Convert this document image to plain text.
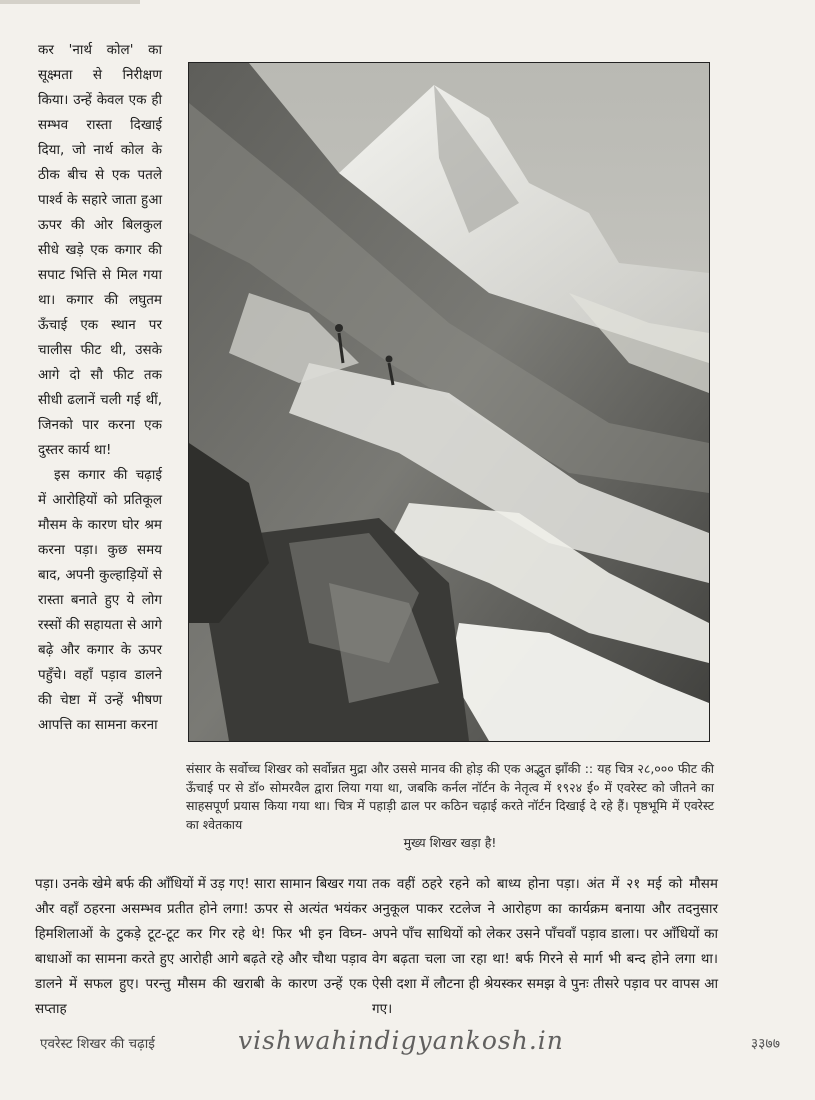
कर 'नार्थ कोल' का सूक्ष्मता से निरीक्षण किया। उन्हें केवल एक ही सम्भव रास्ता दिखाई दिया, जो नार्थ कोल के ठीक बीच से एक पतले पार्श्व के सहारे जाता हुआ ऊपर की ओर बिलकुल सीधे खड़े एक कगार की सपाट भित्ति से मिल गया था। कगार की लघुतम ऊँचाई एक स्थान पर चालीस फीट थी, उसके आगे दो सौ फीट तक सीधी ढलानें चली गई थीं, जिनको पार करना एक दुस्तर कार्य था!

इस कगार की चढ़ाई में आरोहियों को प्रतिकूल मौसम के कारण घोर श्रम करना पड़ा। कुछ समय बाद, अपनी कुल्हाड़ियों से रास्ता बनाते हुए ये लोग रस्सों की सहायता से आगे बढ़े और कगार के ऊपर पहुँचे। वहाँ पड़ाव डालने की चेष्टा में उन्हें भीषण आपत्ति का सामना करना

संसार के सर्वोच्च शिखर को सर्वोन्नत मुद्रा और उससे मानव की होड़ की एक अद्भुत झाँकी :: यह चित्र २८,००० फीट की ऊँचाई पर से डॉ० सोमरवैल द्वारा लिया गया था, जबकि कर्नल नॉर्टन के नेतृत्व में १९२४ ई० में एवरेस्ट को जीतने का साहसपूर्ण प्रयास किया गया था। चित्र में पहाड़ी ढाल पर कठिन चढ़ाई करते नॉर्टन दिखाई दे रहे हैं। पृष्ठभूमि में एवरेस्ट का श्वेतकाय
मुख्य शिखर खड़ा है!
पड़ा। उनके खेमे बर्फ की आँधियों में उड़ गए! सारा सामान बिखर गया और वहाँ ठहरना असम्भव प्रतीत होने लगा! ऊपर से अत्यंत भयंकर हिमशिलाओं के टुकड़े टूट-टूट कर गिर रहे थे! फिर भी इन विघ्न-बाधाओं का सामना करते हुए आरोही आगे बढ़ते रहे और चौथा पड़ाव डालने में सफल हुए। परन्तु मौसम की खराबी के कारण उन्हें एक सप्ताह
तक वहीं ठहरे रहने को बाध्य होना पड़ा। अंत में २१ मई को मौसम अनुकूल पाकर रटलेज ने आरोहण का कार्यक्रम बनाया और तदनुसार अपने पाँच साथियों को लेकर उसने पाँचवाँ पड़ाव डाला। पर आँधियों का वेग बढ़ता चला जा रहा था! बर्फ गिरने से मार्ग भी बन्द होने लगा था। ऐसी दशा में लौटना ही श्रेयस्कर समझ वे पुनः तीसरे पड़ाव पर वापस आ गए।
एवरेस्ट शिखर की चढ़ाई	vishwahindigyankosh.in	३३७७
